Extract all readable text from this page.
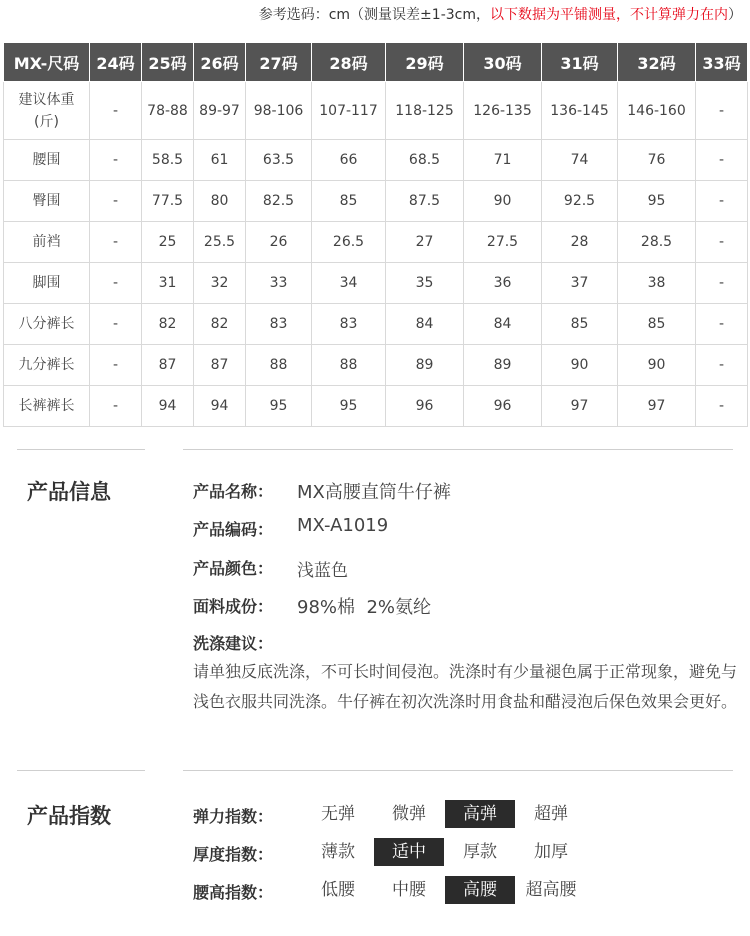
参考选码：cm（测量误差±1-3cm，以下数据为平铺测量，不计算弹力在内）
MX-尺码	24码	25码	26码	27码	28码	29码	30码	31码	32码	33码
建议体重(斤)	-	78-88	89-97	98-106	107-117	118-125	126-135	136-145	146-160	-
腰围	-	58.5	61	63.5	66	68.5	71	74	76	-
臀围	-	77.5	80	82.5	85	87.5	90	92.5	95	-
前裆	-	25	25.5	26	26.5	27	27.5	28	28.5	-
脚围	-	31	32	33	34	35	36	37	38	-
八分裤长	-	82	82	83	83	84	84	85	85	-
九分裤长	-	87	87	88	88	89	89	90	90	-
长裤裤长	-	94	94	95	95	96	96	97	97	-
产品信息	产品名称： MX高腰直筒牛仔裤
产品编码： MX-A1019
产品颜色： 浅蓝色
面料成份： 98%棉  2%氨纶
洗涤建议：
请单独反底洗涤，不可长时间侵泡。洗涤时有少量褪色属于正常现象，避免与浅色衣服共同洗涤。牛仔裤在初次洗涤时用食盐和醋浸泡后保色效果会更好。
产品指数	弹力指数：	无弹	微弹	高弹	超弹
厚度指数：	薄款	适中	厚款	加厚
腰高指数：	低腰	中腰	高腰	超高腰
